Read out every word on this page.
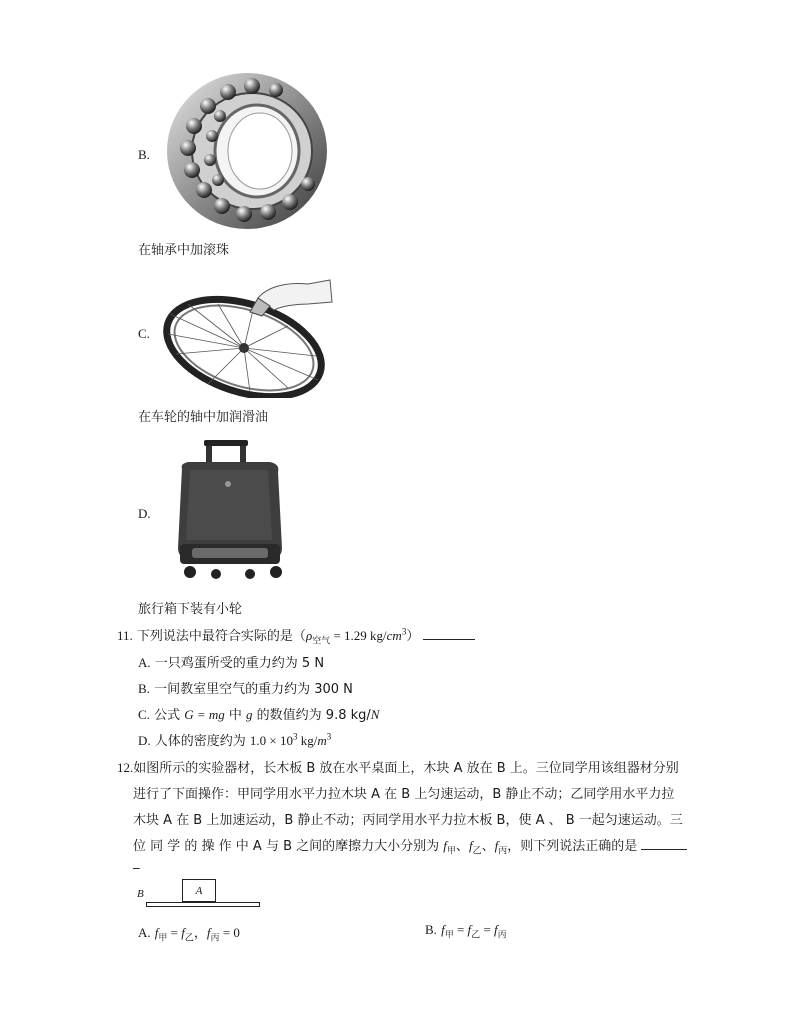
B.
在轴承中加滚珠
C.
在车轮的轴中加润滑油
D.
旅行箱下装有小轮
11. 下列说法中最符合实际的是（$\rho_{空气} = 1.29$ $kg/cm^3$）
A. 一只鸡蛋所受的重力约为 5 N
B. 一间教室里空气的重力约为 300 N
C. 公式 G = mg 中 g 的数值约为 9.8 kg/N
D. 人体的密度约为 $1.0 \times 10^3$ $kg/m^3$
12.如图所示的实验器材，长木板 B 放在水平桌面上，木块 A 放在 B 上。三位同学用该组器材分别
进行了下面操作：甲同学用水平力拉木块 A 在 B 上匀速运动，B 静止不动；乙同学用水平力拉
木块 A 在 B 上加速运动，B 静止不动；丙同学用水平力拉木板 B，使 A 、 B 一起匀速运动。三
位 同 学 的 操 作 中 A 与 B 之间的摩擦力大小分别为 $f_甲$、$f_乙$、$f_丙$，则下列说法正确的是
_
B	A
A. $f_甲 = f_乙$，$f_丙 = 0$	B. $f_甲 = f_乙 = f_丙$
